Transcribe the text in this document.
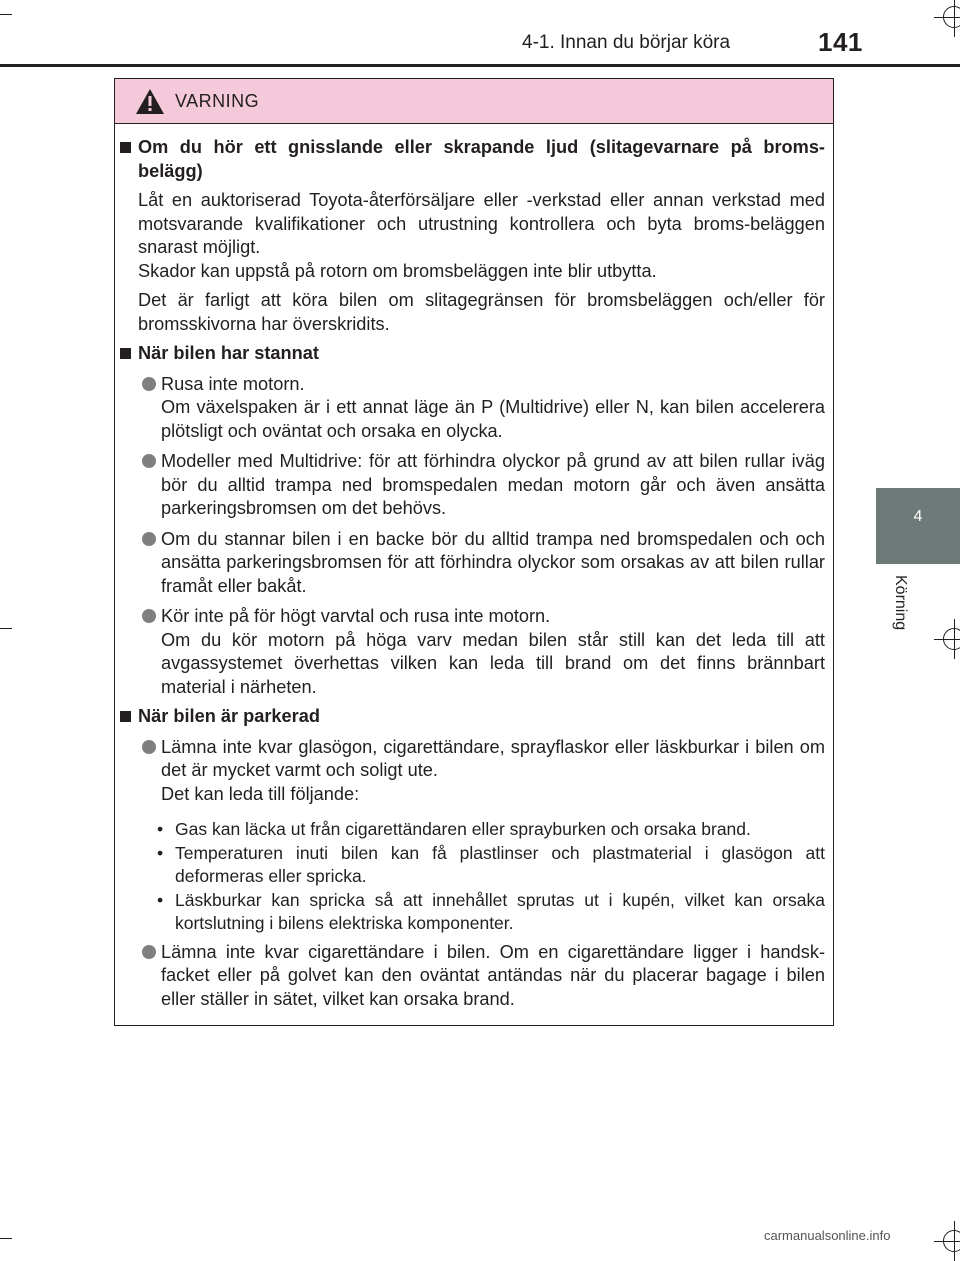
4-1. Innan du börjar köra	141
4
Körning
VARNING
Om du hör ett gnisslande eller skrapande ljud (slitagevarnare på broms-belägg)
Låt en auktoriserad Toyota-återförsäljare eller -verkstad eller annan verkstad med motsvarande kvalifikationer och utrustning kontrollera och byta broms-beläggen snarast möjligt.
Skador kan uppstå på rotorn om bromsbeläggen inte blir utbytta.
Det är farligt att köra bilen om slitagegränsen för bromsbeläggen och/eller för bromsskivorna har överskridits.
När bilen har stannat
Rusa inte motorn.
Om växelspaken är i ett annat läge än P (Multidrive) eller N, kan bilen accelerera plötsligt och oväntat och orsaka en olycka.
Modeller med Multidrive: för att förhindra olyckor på grund av att bilen rullar iväg bör du alltid trampa ned bromspedalen medan motorn går och även ansätta parkeringsbromsen om det behövs.
Om du stannar bilen i en backe bör du alltid trampa ned bromspedalen och och ansätta parkeringsbromsen för att förhindra olyckor som orsakas av att bilen rullar framåt eller bakåt.
Kör inte på för högt varvtal och rusa inte motorn.
Om du kör motorn på höga varv medan bilen står still kan det leda till att avgassystemet överhettas vilken kan leda till brand om det finns brännbart material i närheten.
När bilen är parkerad
Lämna inte kvar glasögon, cigarettändare, sprayflaskor eller läskburkar i bilen om det är mycket varmt och soligt ute.
Det kan leda till följande:
• Gas kan läcka ut från cigarettändaren eller sprayburken och orsaka brand.
• Temperaturen inuti bilen kan få plastlinser och plastmaterial i glasögon att deformeras eller spricka.
• Läskburkar kan spricka så att innehållet sprutas ut i kupén, vilket kan orsaka kortslutning i bilens elektriska komponenter.
Lämna inte kvar cigarettändare i bilen. Om en cigarettändare ligger i handsk-facket eller på golvet kan den oväntat antändas när du placerar bagage i bilen eller ställer in sätet, vilket kan orsaka brand.
carmanualsonline.info
